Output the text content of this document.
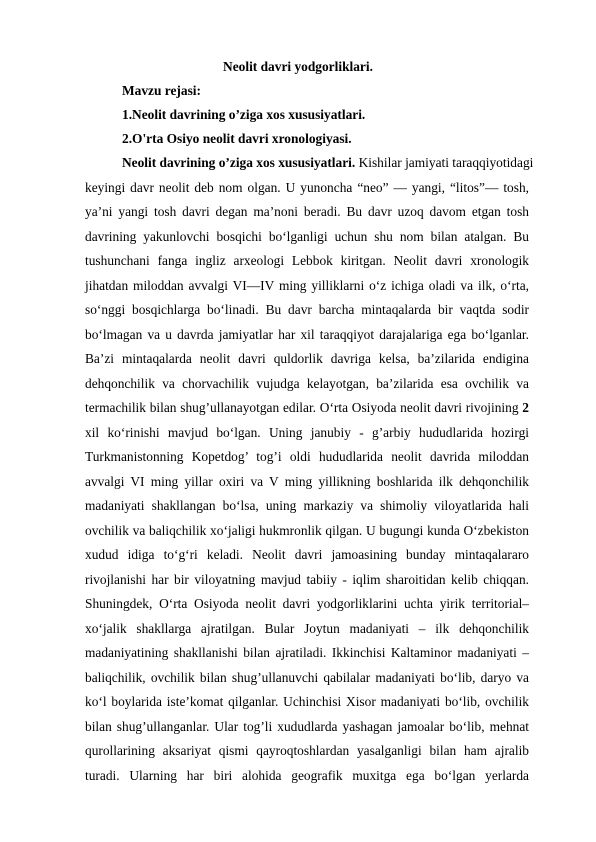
Neolit davri yodgorliklari.
Mavzu rejasi:
1.Neolit davrining o’ziga xos xususiyatlari.
2.O'rta Osiyo neolit davri xronologiyasi.
Neolit davrining o’ziga xos xususiyatlari. Kishilar jamiyati taraqqiyotidagi
keyingi davr neolit deb nom olgan. U yunoncha “neo” — yangi, “litos”— tosh,
ya’ni yangi tosh davri degan ma’noni beradi. Bu davr uzoq davom etgan tosh
davrining yakunlovchi bosqichi bo‘lganligi uchun shu nom bilan atalgan. Bu
tushunchani fanga ingliz arxeologi Lebbok kiritgan. Neolit davri xronologik
jihatdan miloddan avvalgi VI—IV ming yilliklarni o‘z ichiga oladi va ilk, o‘rta,
so‘nggi bosqichlarga bo‘linadi. Bu davr barcha mintaqalarda bir vaqtda sodir
bo‘lmagan va u davrda jamiyatlar har xil taraqqiyot darajalariga ega bo‘lganlar.
Ba’zi mintaqalarda neolit davri quldorlik davriga kelsa, ba’zilarida endigina
dehqonchilik va chorvachilik vujudga kelayotgan, ba’zilarida esa ovchilik va
termachilik bilan shug’ullanayotgan edilar. O‘rta Osiyoda neolit davri rivojining 2
xil ko‘rinishi mavjud bo‘lgan. Uning janubiy - g’arbiy hududlarida hozirgi
Turkmanistonning Kopetdog’ tog’i oldi hududlarida neolit davrida miloddan
avvalgi VI ming yillar oxiri va V ming yillikning boshlarida ilk dehqonchilik
madaniyati shakllangan bo‘lsa, uning markaziy va shimoliy viloyatlarida hali
ovchilik va baliqchilik xo‘jaligi hukmronlik qilgan. U bugungi kunda O‘zbekiston
xudud idiga to‘g‘ri keladi. Neolit davri jamoasining bunday mintaqalararo
rivojlanishi har bir viloyatning mavjud tabiiy - iqlim sharoitidan kelib chiqqan.
Shuningdek, O‘rta Osiyoda neolit davri yodgorliklarini uchta yirik territorial–
xo‘jalik shakllarga ajratilgan. Bular Joytun madaniyati – ilk dehqonchilik
madaniyatining shakllanishi bilan ajratiladi. Ikkinchisi Kaltaminor madaniyati –
baliqchilik, ovchilik bilan shug’ullanuvchi qabilalar madaniyati bo‘lib, daryo va
ko‘l boylarida iste’komat qilganlar. Uchinchisi Xisor madaniyati bo‘lib, ovchilik
bilan shug’ullanganlar. Ular tog’li xududlarda yashagan jamoalar bo‘lib, mehnat
qurollarining aksariyat qismi qayroqtoshlardan yasalganligi bilan ham ajralib
turadi. Ularning har biri alohida geografik muxitga ega bo‘lgan yerlarda
